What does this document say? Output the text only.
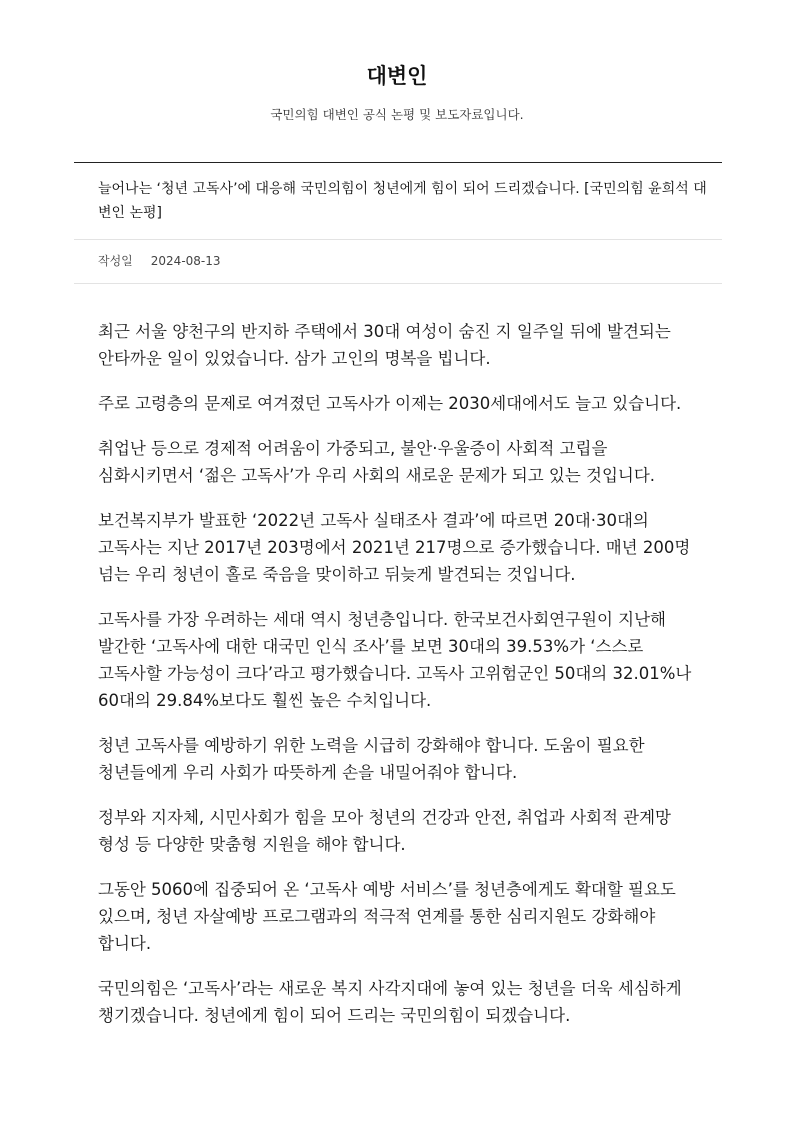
대변인
국민의힘 대변인 공식 논평 및 보도자료입니다.
늘어나는 ‘청년 고독사’에 대응해 국민의힘이 청년에게 힘이 되어 드리겠습니다. [국민의힘 윤희석 대변인 논평]
작성일 2024-08-13

최근 서울 양천구의 반지하 주택에서 30대 여성이 숨진 지 일주일 뒤에 발견되는 안타까운 일이 있었습니다. 삼가 고인의 명복을 빕니다.

주로 고령층의 문제로 여겨졌던 고독사가 이제는 2030세대에서도 늘고 있습니다.

취업난 등으로 경제적 어려움이 가중되고, 불안·우울증이 사회적 고립을 심화시키면서 ‘젊은 고독사’가 우리 사회의 새로운 문제가 되고 있는 것입니다.

보건복지부가 발표한 ‘2022년 고독사 실태조사 결과’에 따르면 20대·30대의 고독사는 지난 2017년 203명에서 2021년 217명으로 증가했습니다. 매년 200명 넘는 우리 청년이 홀로 죽음을 맞이하고 뒤늦게 발견되는 것입니다.

고독사를 가장 우려하는 세대 역시 청년층입니다. 한국보건사회연구원이 지난해 발간한 ‘고독사에 대한 대국민 인식 조사’를 보면 30대의 39.53%가 ‘스스로 고독사할 가능성이 크다’라고 평가했습니다. 고독사 고위험군인 50대의 32.01%나 60대의 29.84%보다도 훨씬 높은 수치입니다.

청년 고독사를 예방하기 위한 노력을 시급히 강화해야 합니다. 도움이 필요한 청년들에게 우리 사회가 따뜻하게 손을 내밀어줘야 합니다.

정부와 지자체, 시민사회가 힘을 모아 청년의 건강과 안전, 취업과 사회적 관계망 형성 등 다양한 맞춤형 지원을 해야 합니다.

그동안 5060에 집중되어 온 ‘고독사 예방 서비스’를 청년층에게도 확대할 필요도 있으며, 청년 자살예방 프로그램과의 적극적 연계를 통한 심리지원도 강화해야 합니다.

국민의힘은 ‘고독사’라는 새로운 복지 사각지대에 놓여 있는 청년을 더욱 세심하게 챙기겠습니다. 청년에게 힘이 되어 드리는 국민의힘이 되겠습니다.
